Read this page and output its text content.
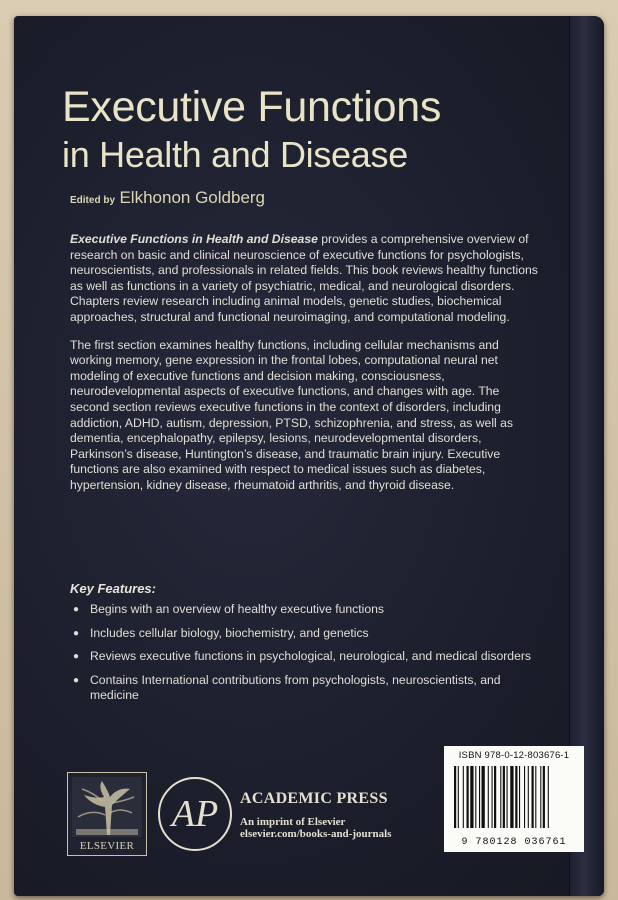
Executive Functions
in Health and Disease
Edited by Elkhonon Goldberg

Executive Functions in Health and Disease provides a comprehensive overview of research on basic and clinical neuroscience of executive functions for psychologists, neuroscientists, and professionals in related fields. This book reviews healthy functions as well as functions in a variety of psychiatric, medical, and neurological disorders. Chapters review research including animal models, genetic studies, biochemical approaches, structural and functional neuroimaging, and computational modeling.

The first section examines healthy functions, including cellular mechanisms and working memory, gene expression in the frontal lobes, computational neural net modeling of executive functions and decision making, consciousness, neurodevelopmental aspects of executive functions, and changes with age. The second section reviews executive functions in the context of disorders, including addiction, ADHD, autism, depression, PTSD, schizophrenia, and stress, as well as dementia, encephalopathy, epilepsy, lesions, neurodevelopmental disorders, Parkinson’s disease, Huntington’s disease, and traumatic brain injury. Executive functions are also examined with respect to medical issues such as diabetes, hypertension, kidney disease, rheumatoid arthritis, and thyroid disease.

Key Features:
● Begins with an overview of healthy executive functions
● Includes cellular biology, biochemistry, and genetics
● Reviews executive functions in psychological, neurological, and medical disorders
● Contains International contributions from psychologists, neuroscientists, and medicine
ELSEVIER
AP ACADEMIC PRESS
An imprint of Elsevier
elsevier.com/books-and-journals
ISBN 978-0-12-803676-1
9 780128 036761
